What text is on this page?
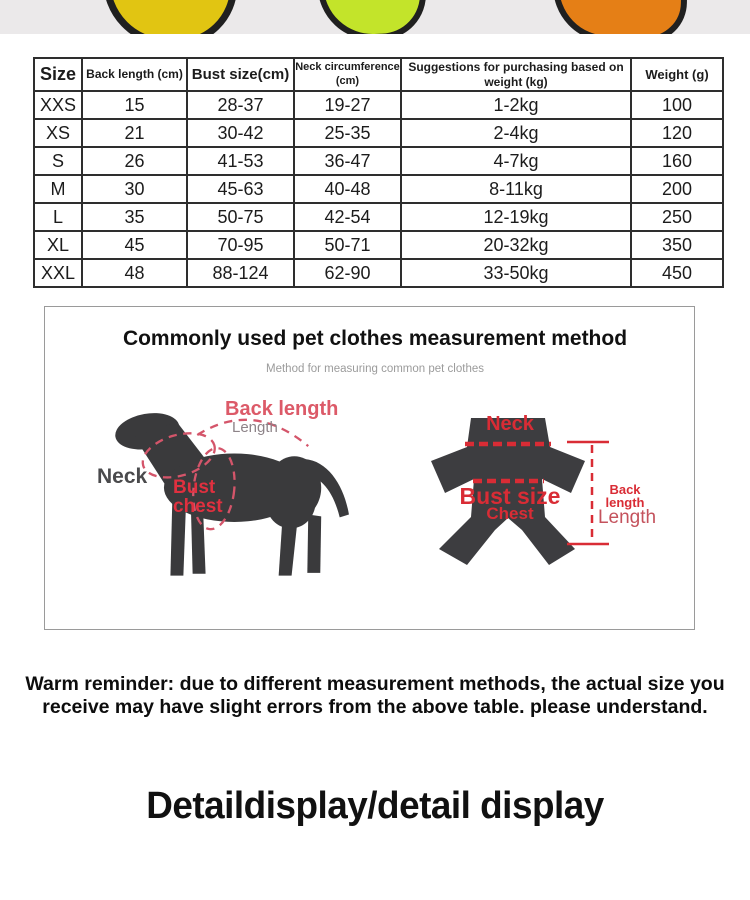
Size	Back length (cm)	Bust size(cm)	Neck circumference (cm)	Suggestions for purchasing based on weight (kg)	Weight (g)
XXS	15	28-37	19-27	1-2kg	100
XS	21	30-42	25-35	2-4kg	120
S	26	41-53	36-47	4-7kg	160
M	30	45-63	40-48	8-11kg	200
L	35	50-75	42-54	12-19kg	250
XL	45	70-95	50-71	20-32kg	350
XXL	48	88-124	62-90	33-50kg	450
Commonly used pet clothes measurement method
Method for measuring common pet clothes
Back length
Length
Neck Bust
chest
Neck
Bust size
Chest
Back
length
Length
Warm reminder: due to different measurement methods, the actual size you
receive may have slight errors from the above table. please understand.
Detaildisplay/detail display
